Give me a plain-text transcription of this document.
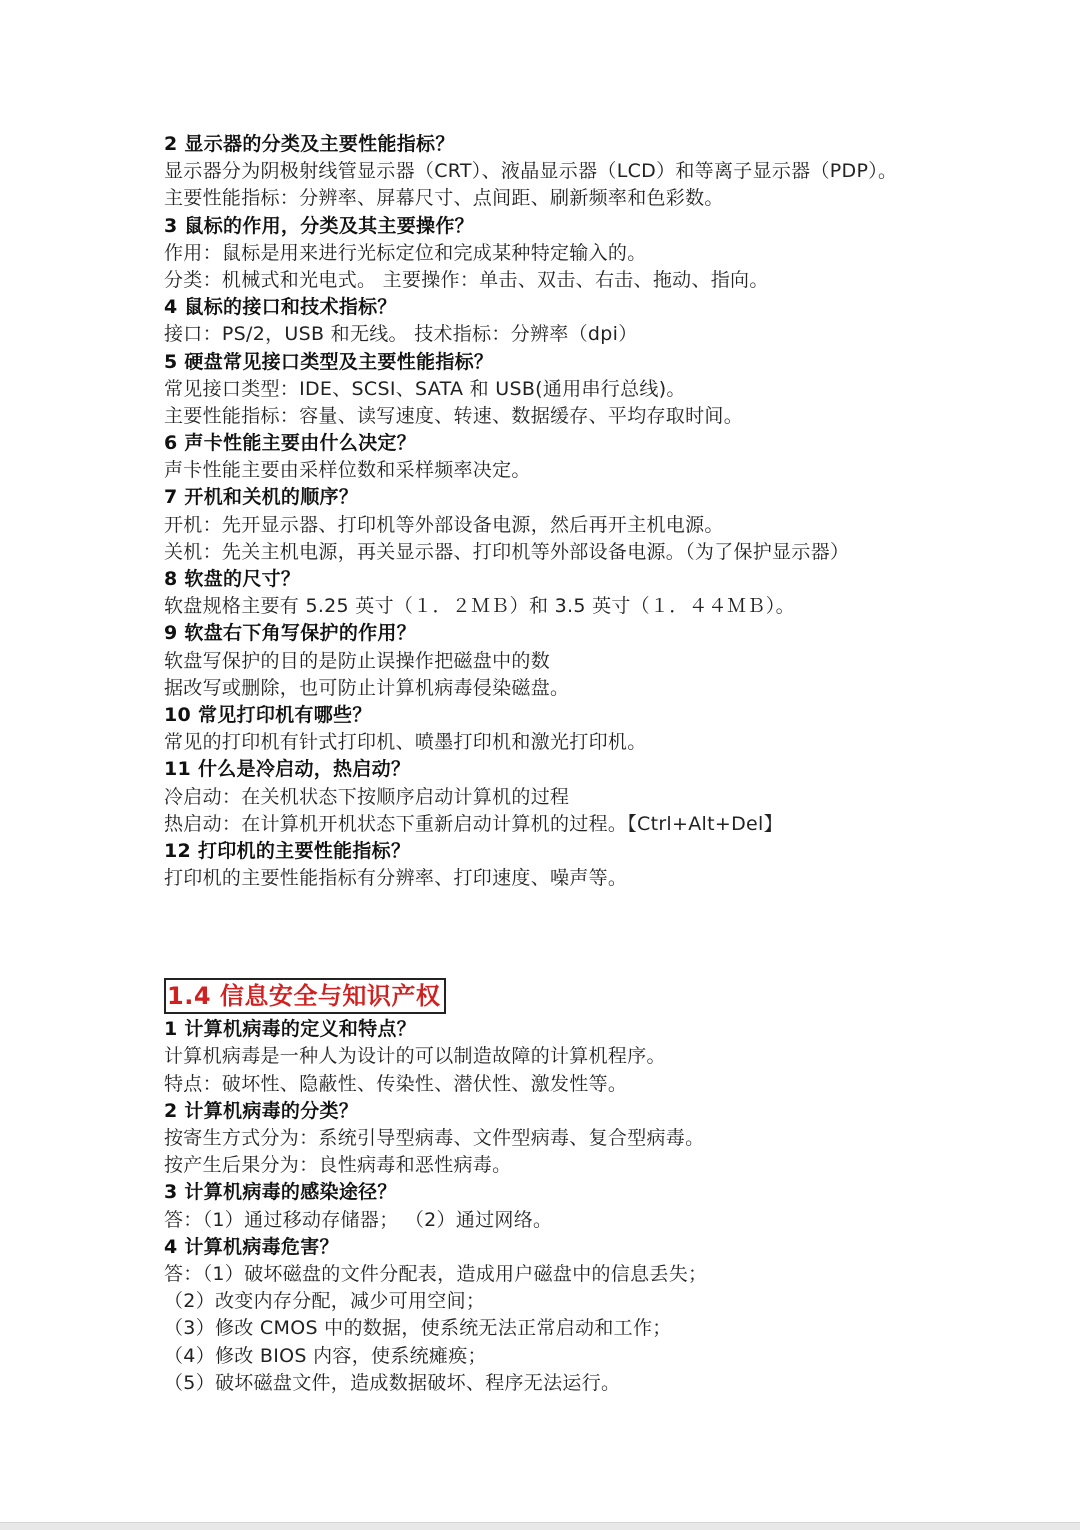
2 显示器的分类及主要性能指标？
显示器分为阴极射线管显示器（CRT）、液晶显示器（LCD）和等离子显示器（PDP）。
主要性能指标：分辨率、屏幕尺寸、点间距、刷新频率和色彩数。
3 鼠标的作用，分类及其主要操作？
作用：鼠标是用来进行光标定位和完成某种特定输入的。
分类：机械式和光电式。 主要操作：单击、双击、右击、拖动、指向。
4 鼠标的接口和技术指标？
接口：PS/2，USB 和无线。 技术指标：分辨率（dpi）
5 硬盘常见接口类型及主要性能指标？
常见接口类型：IDE、SCSI、SATA 和 USB(通用串行总线)。
主要性能指标：容量、读写速度、转速、数据缓存、平均存取时间。
6 声卡性能主要由什么决定？
声卡性能主要由采样位数和采样频率决定。
7 开机和关机的顺序？
开机：先开显示器、打印机等外部设备电源，然后再开主机电源。
关机：先关主机电源，再关显示器、打印机等外部设备电源。（为了保护显示器）
8 软盘的尺寸？
软盘规格主要有 5.25 英寸（１．２ＭＢ）和 3.5 英寸（１．４４ＭＢ）。
9 软盘右下角写保护的作用？
软盘写保护的目的是防止误操作把磁盘中的数
据改写或删除，也可防止计算机病毒侵染磁盘。
10 常见打印机有哪些？
常见的打印机有针式打印机、喷墨打印机和激光打印机。
11 什么是冷启动，热启动？
冷启动：在关机状态下按顺序启动计算机的过程
热启动：在计算机开机状态下重新启动计算机的过程。【Ctrl+Alt+Del】
12 打印机的主要性能指标？
打印机的主要性能指标有分辨率、打印速度、噪声等。
1.4 信息安全与知识产权
1 计算机病毒的定义和特点？
计算机病毒是一种人为设计的可以制造故障的计算机程序。
特点：破坏性、隐蔽性、传染性、潜伏性、激发性等。
2 计算机病毒的分类？
按寄生方式分为：系统引导型病毒、文件型病毒、复合型病毒。
按产生后果分为：良性病毒和恶性病毒。
3 计算机病毒的感染途径？
答：（1）通过移动存储器； （2）通过网络。
4 计算机病毒危害？
答：（1）破坏磁盘的文件分配表，造成用户磁盘中的信息丢失；
（2）改变内存分配，减少可用空间；
（3）修改 CMOS 中的数据，使系统无法正常启动和工作；
（4）修改 BIOS 内容，使系统瘫痪；
（5）破坏磁盘文件，造成数据破坏、程序无法运行。
